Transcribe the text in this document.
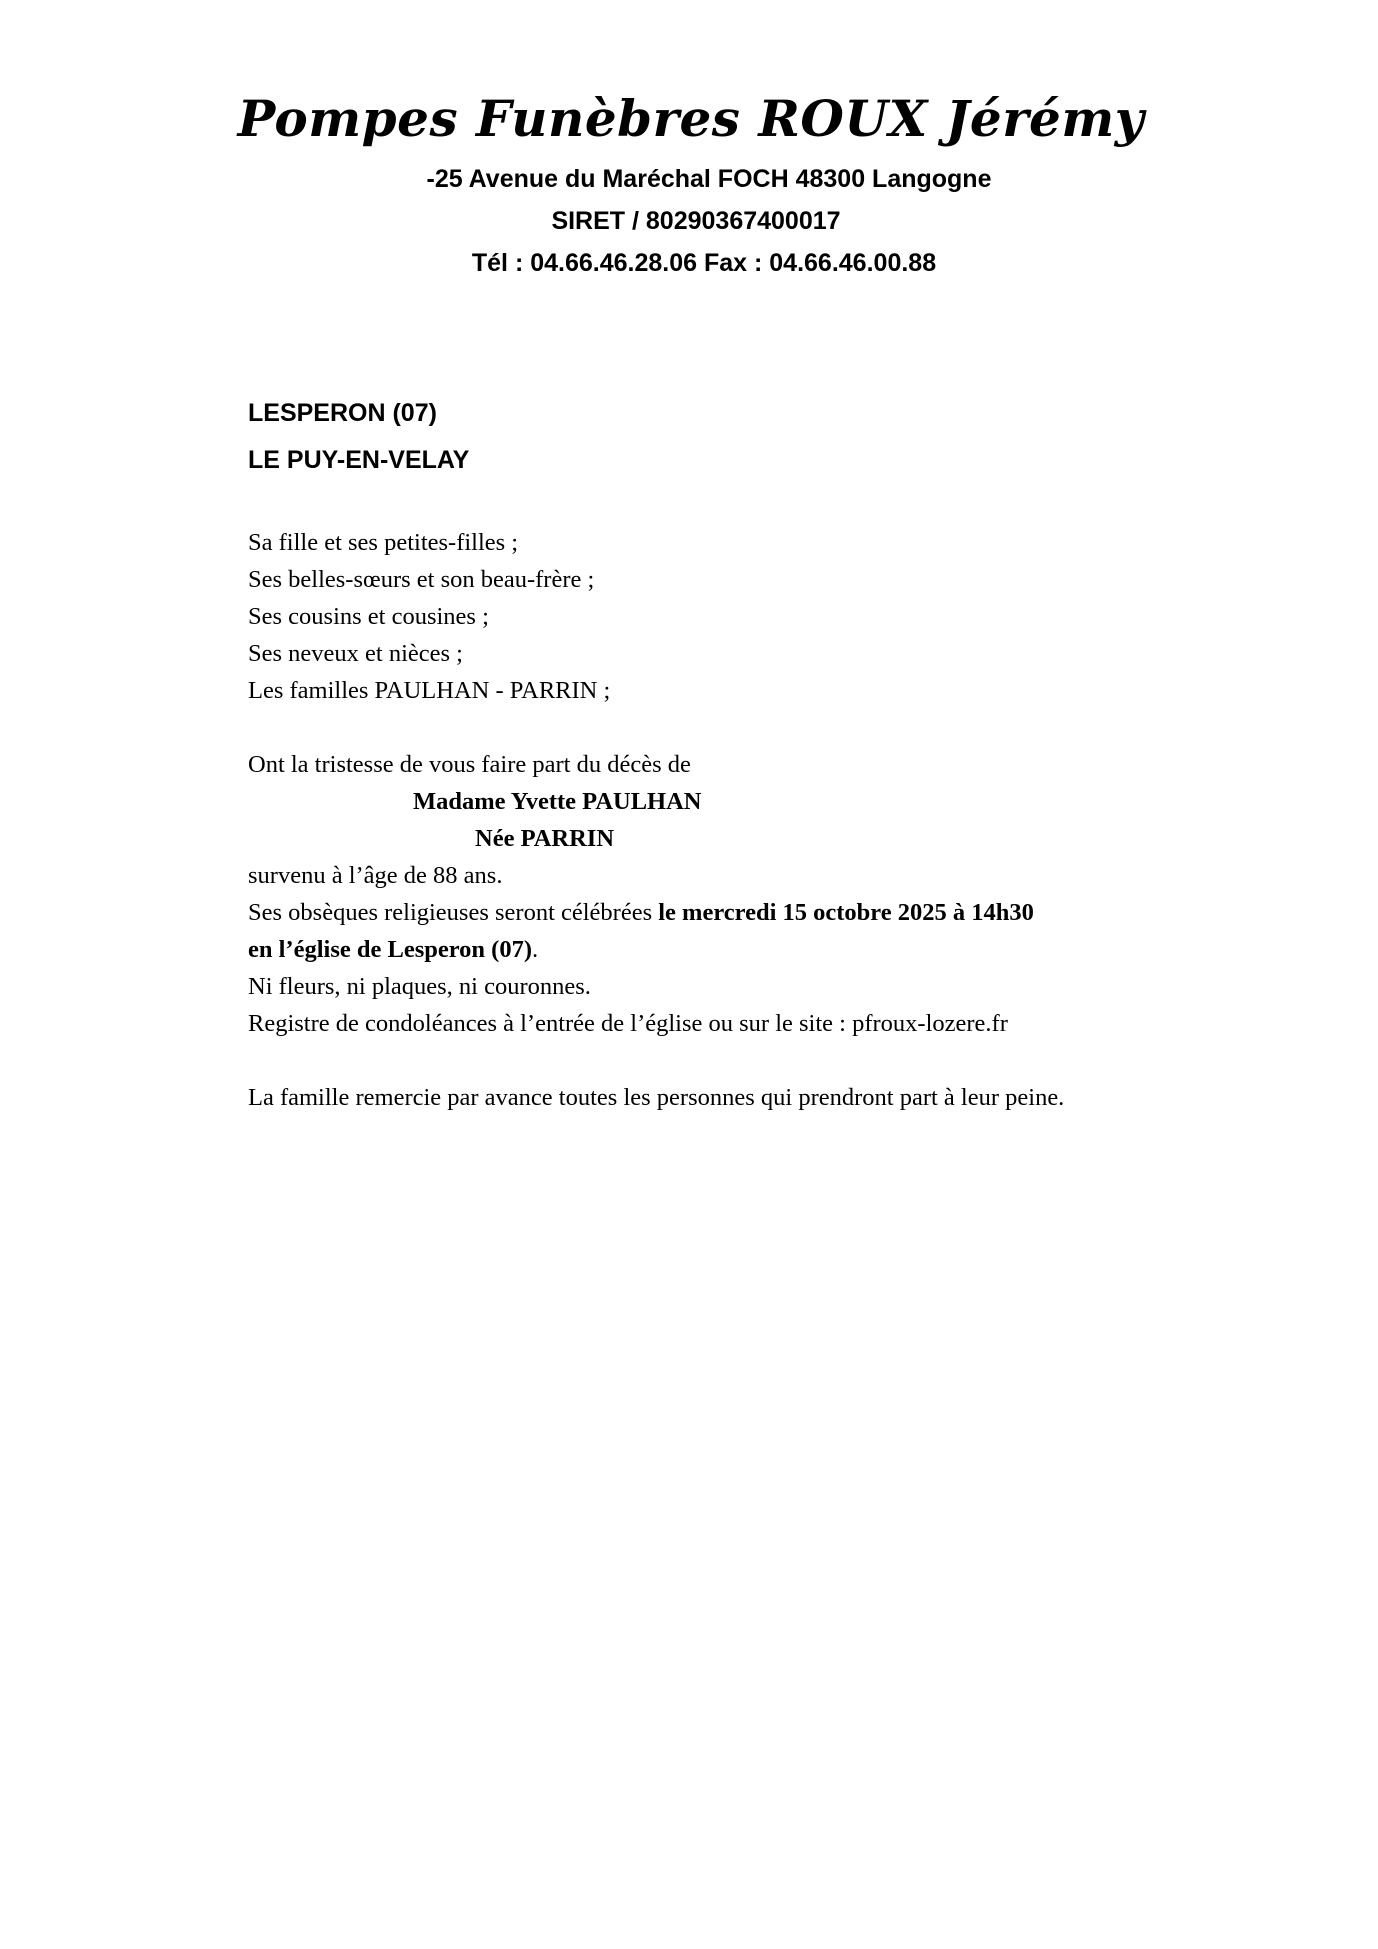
Pompes Funèbres ROUX Jérémy

-25 Avenue du Maréchal FOCH 48300 Langogne

SIRET / 80290367400017

Tél : 04.66.46.28.06 Fax : 04.66.46.00.88

LESPERON (07)
LE PUY-EN-VELAY

Sa fille et ses petites-filles ;

Ses belles-sœurs et son beau-frère ;

Ses cousins et cousines ;

Ses neveux et nièces ;

Les familles PAULHAN - PARRIN ;

Ont la tristesse de vous faire part du décès de

Madame Yvette PAULHAN

Née PARRIN

survenu à l’âge de 88 ans.

Ses obsèques religieuses seront célébrées le mercredi 15 octobre 2025 à 14h30

en l’église de Lesperon (07).

Ni fleurs, ni plaques, ni couronnes.

Registre de condoléances à l’entrée de l’église ou sur le site : pfroux-lozere.fr

La famille remercie par avance toutes les personnes qui prendront part à leur peine.
